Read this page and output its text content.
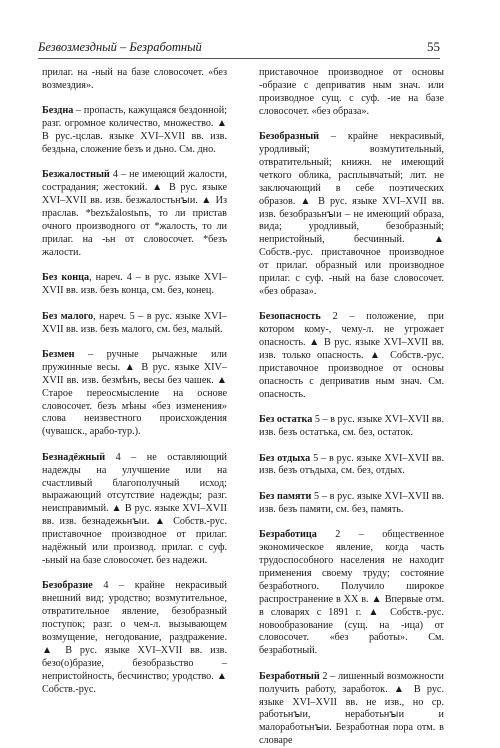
Безвозмездный – Безработный	55

прилаг. на ‑ный на базе словосочет. «без возмездия».

Бездна – пропасть, кажущаяся бездонной; разг. огромное количество, множество. ▲ В рус.‑цслав. языке XVI–XVII вв. изв. бездьна, сложение безъ и дьно. См. дно.

Безжалостный 4 – не имеющий жалости, сострадания; жестокий. ▲ В рус. языке XVI–XVII вв. изв. безжалостьнꙑи. ▲ Из праслав. *bezъžalostьnъ, то ли пристав очного производного от *жалость, то ли прилаг. на ‑ьн от словосочет. *безъ жалости.

Без конца, нареч. 4 – в рус. языке XVI–XVII вв. изв. безъ конца, см. без, конец.

Без малого, нареч. 5 – в рус. языке XVI–XVII вв. изв. безъ малого, см. без, малый.

Безмен – ручные рычажные или пружинные весы. ▲ В рус. языке XIV–XVII вв. изв. безмѣнъ, весы без чашек. ▲ Старое переосмысление на основе словосочет. безъ мѣны «без изменения» слова неизвестного происхождения (чувашск., арабо‑тур.).

Безнадёжный 4 – не оставляющий надежды на улучшение или на счастливый благополучный исход; выражающий отсутствие надежды; разг. неисправимый. ▲ В рус. языке XVI–XVII вв. изв. безнадежьнꙑи. ▲ Собств.‑рус. приставочное производное от прилаг. надёжный или производ. прилаг. с суф. ‑ьный на базе словосочет. без надежи.

Безобразие 4 – крайне некрасивый внешний вид; уродство; возмутительное, отвратительное явление, безобразный поступок; разг. о чем‑л. вызывающем возмущение, негодование, раздражение. ▲ В рус. языке XVI–XVII вв. изв. безо(о)бразие, безобразьство – непристойность, бесчинство; уродство. ▲ Собств.‑рус.

приставочное производное от основы ‑образие с деприватив ным знач. или производное сущ. с суф. ‑ие на базе словосочет. «без образа».

Безобразный – крайне некрасивый, уродливый; возмутительный, отвратительный; книжн. не имеющий четкого облика, расплывчатый; лит. не заключающий в себе поэтических образов. ▲ В рус. языке XVI–XVII вв. изв. безобразьнꙑи – не имеющий образа, вида; уродливый, безобразный; непристойный, бесчинный. ▲ Собств.‑рус. приставочное производное от прилаг. образный или производное прилаг. с суф. ‑ный на базе словосочет. «без образа».

Безопасность 2 – положение, при котором кому‑, чему‑л. не угрожает опасность. ▲ В рус. языке XVI–XVII вв. изв. только опасность. ▲ Собств.‑рус. приставочное производное от основы опасность с деприватив ным знач. См. опасность.

Без остатка 5 – в рус. языке XVI–XVII вв. изв. безъ остатъка, см. без, остаток.

Без отдыха 5 – в рус. языке XVI–XVII вв. изв. безъ отъдыха, см. без, отдых.

Без памяти 5 – в рус. языке XVI–XVII вв. изв. безъ памяти, см. без, память.

Безработица 2 – общественное экономическое явление, когда часть трудоспособного населения не находит применения своему труду; состояние безработного. Получило широкое распространение в XX в. ▲ Впервые отм. в словарях с 1891 г. ▲ Собств.‑рус. новообразование (сущ. на ‑ица) от словосочет. «без работы». См. безработный.

Безработный 2 – лишенный возможности получить работу, заработок. ▲ В рус. языке XVI–XVII вв. не изв., но ср. работьнꙑи, неработьнꙑи и малоработьнꙑи. Безработная пора отм. в словаре
